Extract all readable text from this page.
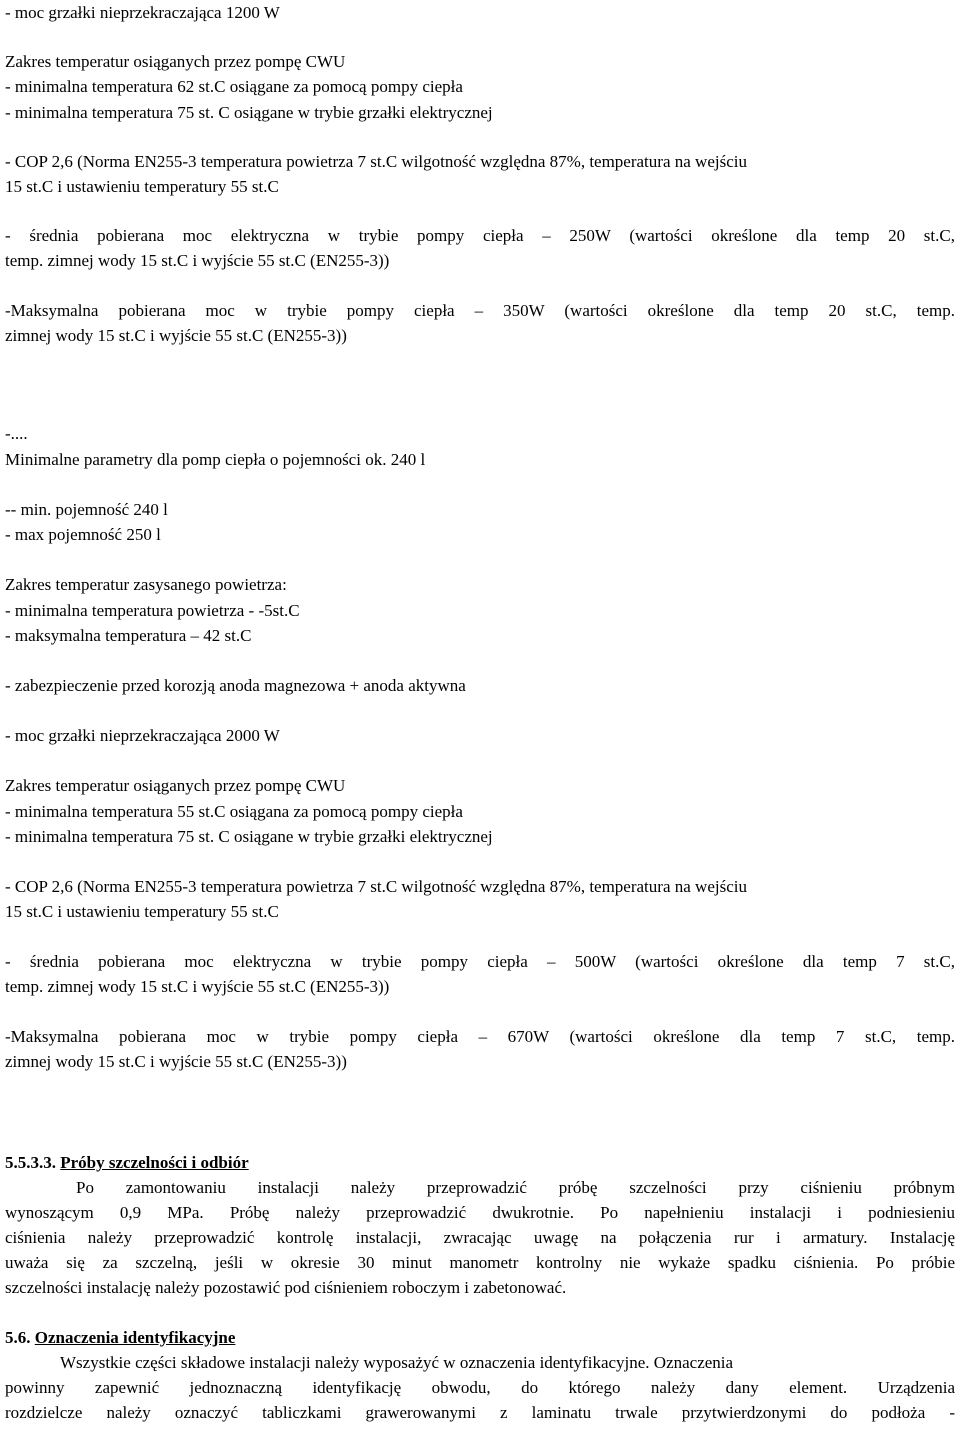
- moc grzałki nieprzekraczająca 1200 W
Zakres temperatur osiąganych przez pompę CWU
- minimalna temperatura 62 st.C osiągane za pomocą pompy ciepła
- minimalna temperatura 75 st. C osiągane w trybie grzałki elektrycznej
- COP 2,6 (Norma EN255-3 temperatura powietrza 7 st.C wilgotność względna 87%, temperatura na wejściu
15 st.C i ustawieniu temperatury 55 st.C
- średnia pobierana moc elektryczna w trybie pompy ciepła – 250W (wartości określone dla temp 20 st.C,
temp. zimnej wody 15 st.C i wyjście 55 st.C (EN255-3))
-Maksymalna pobierana moc w trybie pompy ciepła – 350W (wartości określone dla temp 20 st.C, temp.
zimnej wody 15 st.C i wyjście 55 st.C (EN255-3))
-....
Minimalne parametry dla pomp ciepła o pojemności ok. 240 l
-- min. pojemność 240 l
- max pojemność 250 l
Zakres temperatur zasysanego powietrza:
- minimalna temperatura powietrza - -5st.C
- maksymalna temperatura – 42 st.C
- zabezpieczenie przed korozją anoda magnezowa + anoda aktywna
- moc grzałki nieprzekraczająca 2000 W
Zakres temperatur osiąganych przez pompę CWU
- minimalna temperatura 55 st.C osiągana za pomocą pompy ciepła
- minimalna temperatura 75 st. C osiągane w trybie grzałki elektrycznej
- COP 2,6 (Norma EN255-3 temperatura powietrza 7 st.C wilgotność względna 87%, temperatura na wejściu
15 st.C i ustawieniu temperatury 55 st.C
- średnia pobierana moc elektryczna w trybie pompy ciepła – 500W (wartości określone dla temp 7 st.C,
temp. zimnej wody 15 st.C i wyjście 55 st.C (EN255-3))
-Maksymalna pobierana moc w trybie pompy ciepła – 670W (wartości określone dla temp 7 st.C, temp.
zimnej wody 15 st.C i wyjście 55 st.C (EN255-3))
5.5.3.3. Próby szczelności i odbiór
Po zamontowaniu instalacji należy przeprowadzić próbę szczelności przy ciśnieniu próbnym
wynoszącym 0,9 MPa. Próbę należy przeprowadzić dwukrotnie. Po napełnieniu instalacji i podniesieniu
ciśnienia należy przeprowadzić kontrolę instalacji, zwracając uwagę na połączenia rur i armatury. Instalację
uważa się za szczelną, jeśli w okresie 30 minut manometr kontrolny nie wykaże spadku ciśnienia. Po próbie
szczelności instalację należy pozostawić pod ciśnieniem roboczym i zabetonować.
5.6. Oznaczenia identyfikacyjne
Wszystkie części składowe instalacji należy wyposażyć w oznaczenia identyfikacyjne. Oznaczenia
powinny zapewnić jednoznaczną identyfikację obwodu, do którego należy dany element. Urządzenia
rozdzielcze należy oznaczyć tabliczkami grawerowanymi z laminatu trwale przytwierdzonymi do podłoża -
